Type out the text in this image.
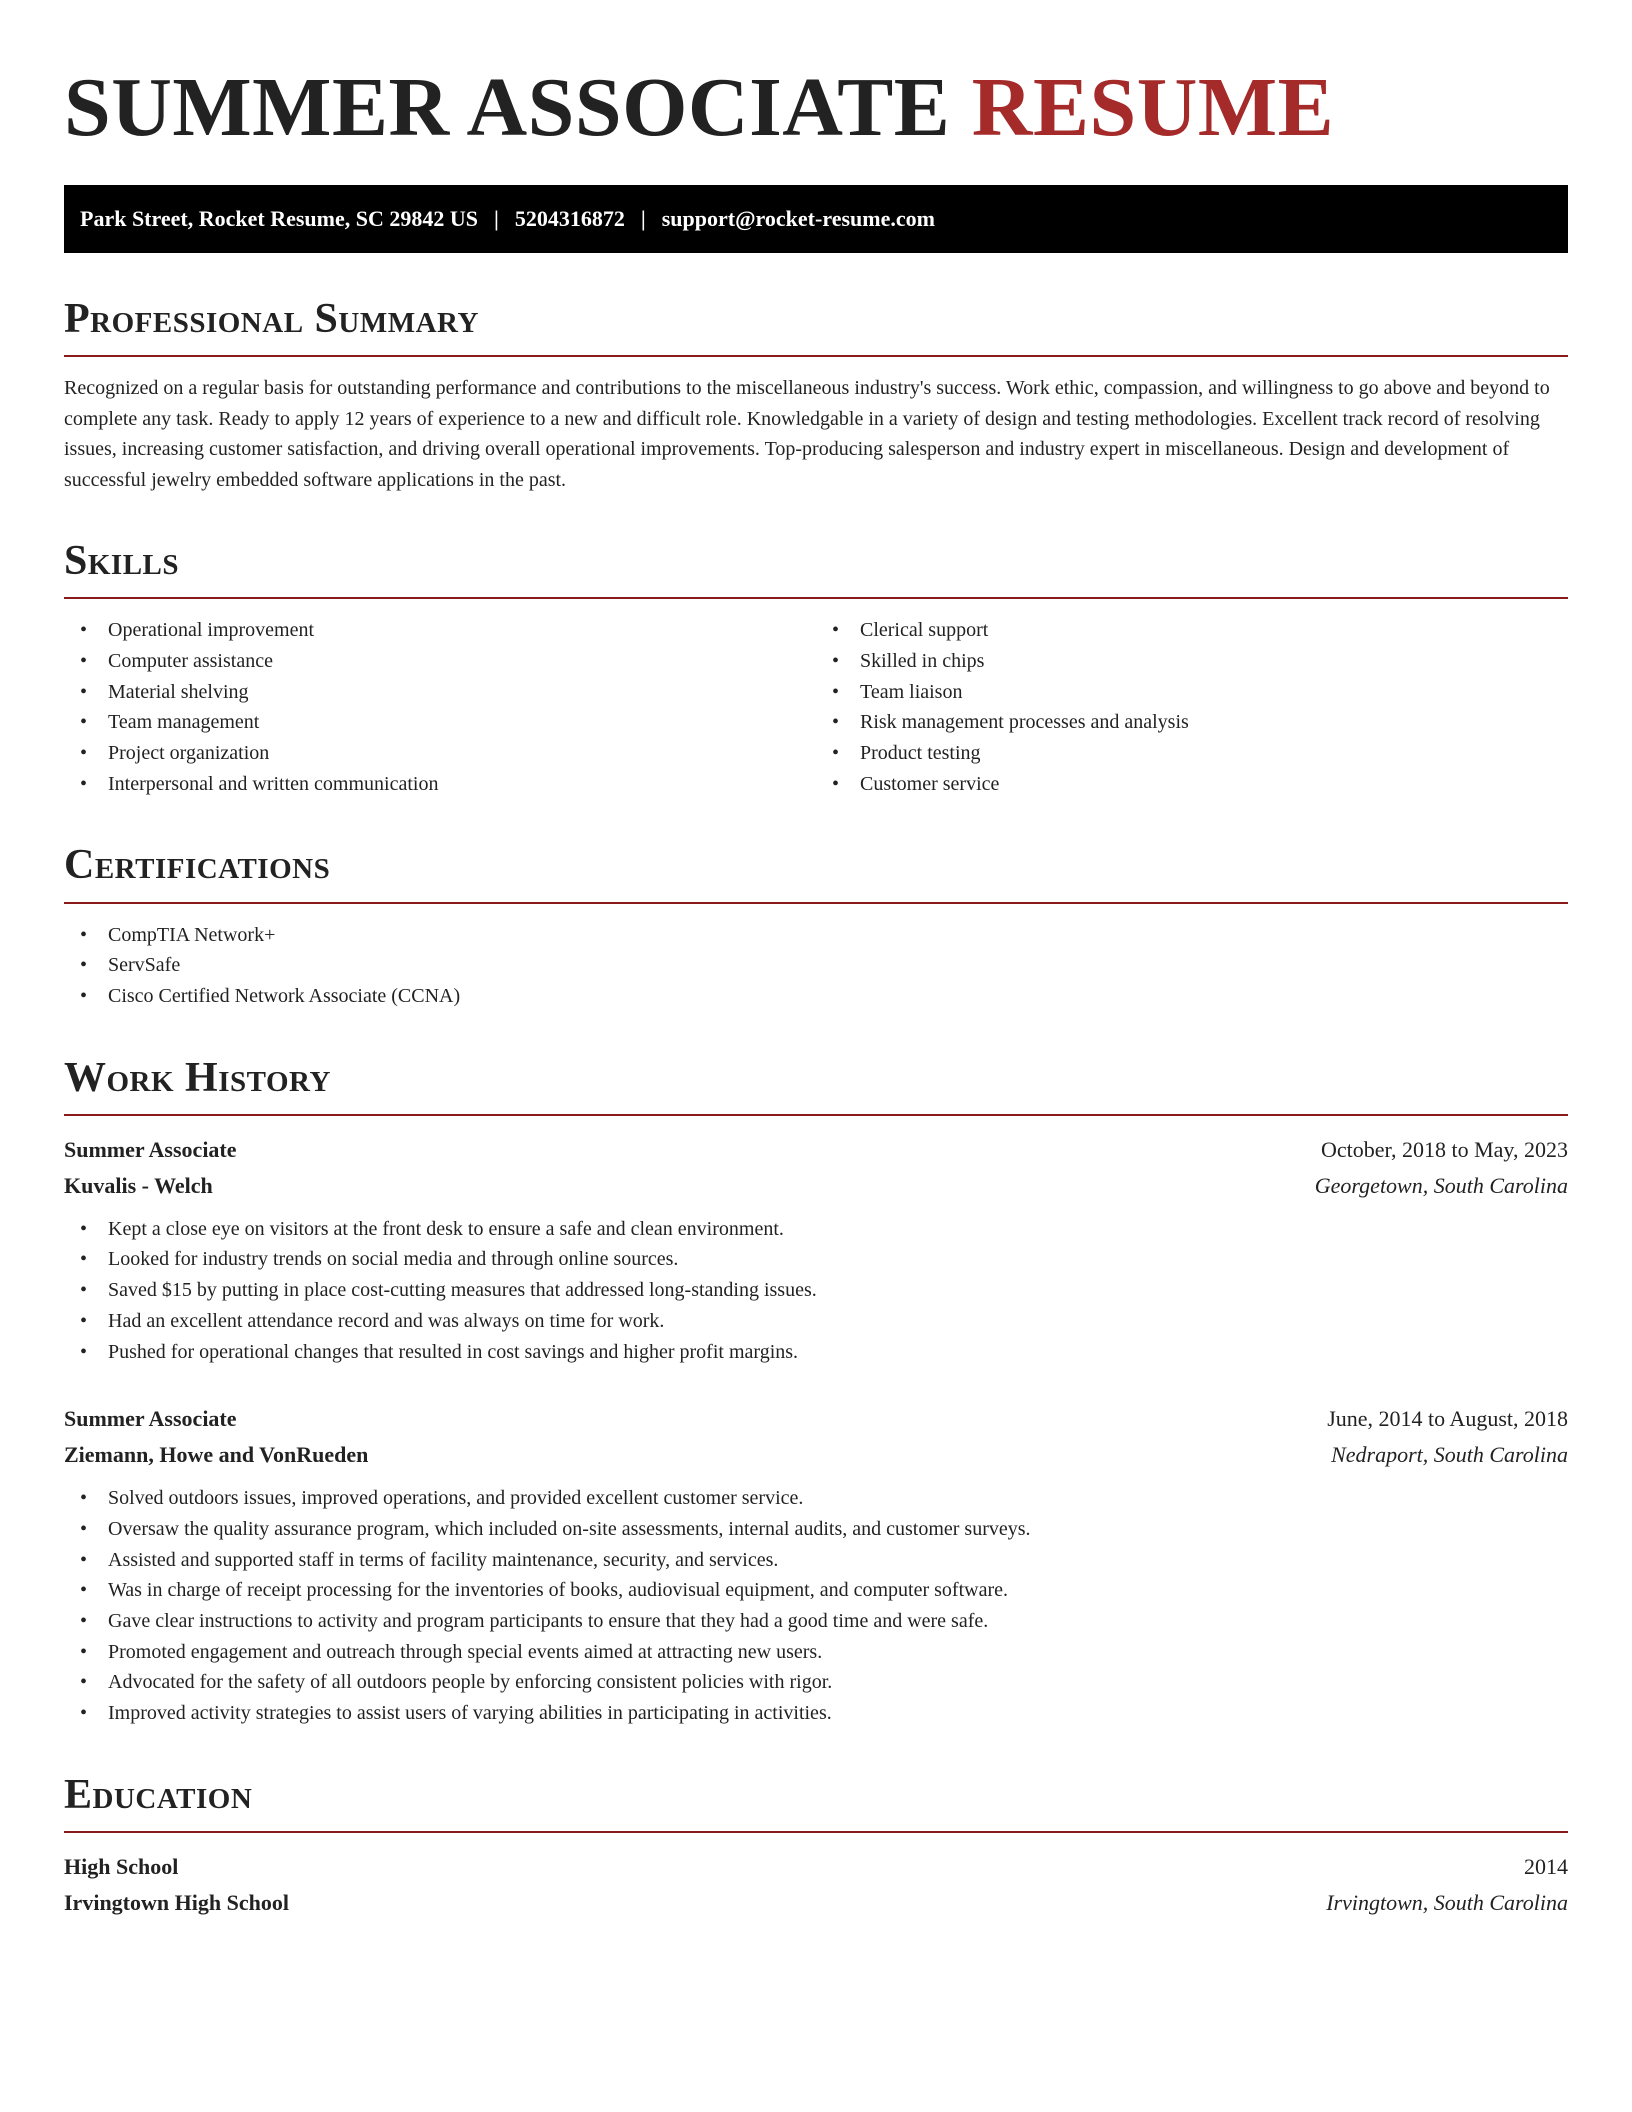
SUMMER ASSOCIATE RESUME
Park Street, Rocket Resume, SC 29842 US | 5204316872 | support@rocket-resume.com
Professional Summary

Recognized on a regular basis for outstanding performance and contributions to the miscellaneous industry's success. Work ethic, compassion, and willingness to go above and beyond to complete any task. Ready to apply 12 years of experience to a new and difficult role. Knowledgable in a variety of design and testing methodologies. Excellent track record of resolving issues, increasing customer satisfaction, and driving overall operational improvements. Top-producing salesperson and industry expert in miscellaneous. Design and development of successful jewelry embedded software applications in the past.

Skills
• Operational improvement
• Computer assistance
• Material shelving
• Team management
• Project organization
• Interpersonal and written communication
• Clerical support
• Skilled in chips
• Team liaison
• Risk management processes and analysis
• Product testing
• Customer service
Certifications
• CompTIA Network+
• ServSafe
• Cisco Certified Network Associate (CCNA)
Work History
Summer Associate	October, 2018 to May, 2023
Kuvalis - Welch	Georgetown, South Carolina
• Kept a close eye on visitors at the front desk to ensure a safe and clean environment.
• Looked for industry trends on social media and through online sources.
• Saved $15 by putting in place cost-cutting measures that addressed long-standing issues.
• Had an excellent attendance record and was always on time for work.
• Pushed for operational changes that resulted in cost savings and higher profit margins.
Summer Associate	June, 2014 to August, 2018
Ziemann, Howe and VonRueden	Nedraport, South Carolina
• Solved outdoors issues, improved operations, and provided excellent customer service.
• Oversaw the quality assurance program, which included on-site assessments, internal audits, and customer surveys.
• Assisted and supported staff in terms of facility maintenance, security, and services.
• Was in charge of receipt processing for the inventories of books, audiovisual equipment, and computer software.
• Gave clear instructions to activity and program participants to ensure that they had a good time and were safe.
• Promoted engagement and outreach through special events aimed at attracting new users.
• Advocated for the safety of all outdoors people by enforcing consistent policies with rigor.
• Improved activity strategies to assist users of varying abilities in participating in activities.
Education
High School	2014
Irvingtown High School	Irvingtown, South Carolina
